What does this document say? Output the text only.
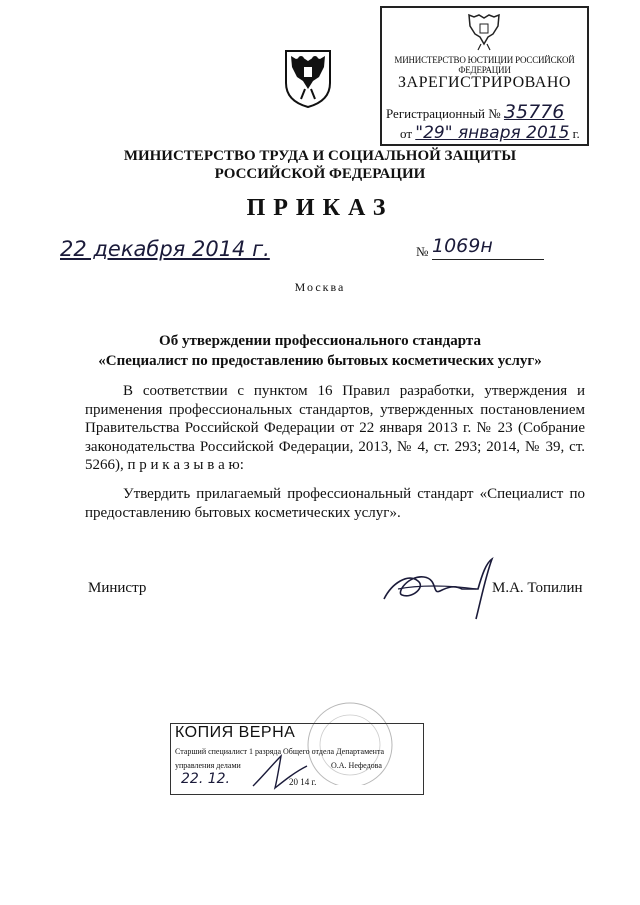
МИНИСТЕРСТВО ЮСТИЦИИ РОССИЙСКОЙ ФЕДЕРАЦИИ
ЗАРЕГИСТРИРОВАНО
Регистрационный № 35776
от "29" января 2015 г.
МИНИСТЕРСТВО ТРУДА И СОЦИАЛЬНОЙ ЗАЩИТЫ
РОССИЙСКОЙ ФЕДЕРАЦИИ
ПРИКАЗ
22 декабря 2014 г.	№ 1069н
Москва
Об утверждении профессионального стандарта
«Специалист по предоставлению бытовых косметических услуг»
В соответствии с пунктом 16 Правил разработки, утверждения и применения профессиональных стандартов, утвержденных постановлением Правительства Российской Федерации от 22 января 2013 г. № 23 (Собрание законодательства Российской Федерации, 2013, № 4, ст. 293; 2014, № 39, ст. 5266), п р и к а з ы в а ю:
Утвердить прилагаемый профессиональный стандарт «Специалист по предоставлению бытовых косметических услуг».
Министр	М.А. Топилин
КОПИЯ ВЕРНА
Старший специалист 1 разряда Общего отдела Департамента
управления делами	О.А. Нефедова
22. 12.	20 14 г.
